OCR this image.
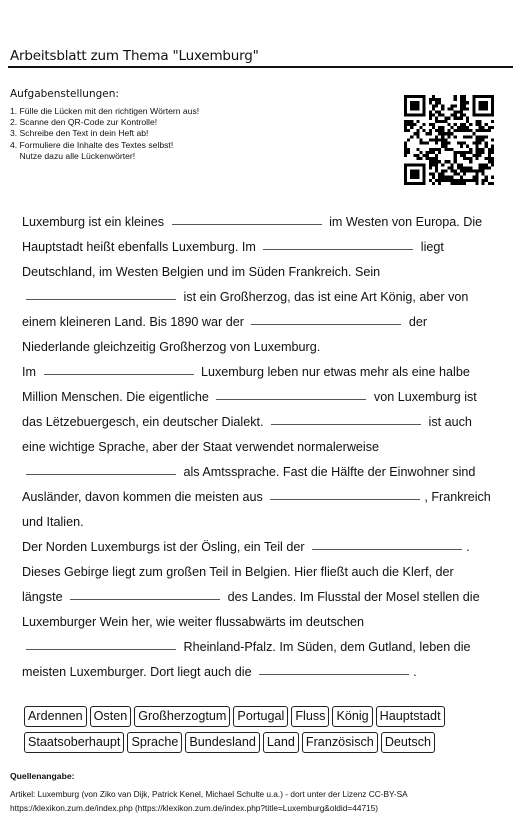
Arbeitsblatt zum Thema "Luxemburg"
Aufgabenstellungen:
1. Fülle die Lücken mit den richtigen Wörtern aus!
2. Scanne den QR-Code zur Kontrolle!
3. Schreibe den Text in dein Heft ab!
4. Formuliere die Inhalte des Textes selbst!
Nutze dazu alle Lückenwörter!
Luxemburg ist ein kleines	im Westen von Europa. Die
Hauptstadt heißt ebenfalls Luxemburg. Im	liegt
Deutschland, im Westen Belgien und im Süden Frankreich. Sein
ist ein Großherzog, das ist eine Art König, aber von
einem kleineren Land. Bis 1890 war der	der
Niederlande gleichzeitig Großherzog von Luxemburg.
Im	Luxemburg leben nur etwas mehr als eine halbe
Million Menschen. Die eigentliche	von Luxemburg ist
das Lëtzebuergesch, ein deutscher Dialekt.	ist auch
eine wichtige Sprache, aber der Staat verwendet normalerweise
als Amtssprache. Fast die Hälfte der Einwohner sind
Ausländer, davon kommen die meisten aus	, Frankreich
und Italien.
Der Norden Luxemburgs ist der Ösling, ein Teil der	.
Dieses Gebirge liegt zum großen Teil in Belgien. Hier fließt auch die Klerf, der
längste	des Landes. Im Flusstal der Mosel stellen die
Luxemburger Wein her, wie weiter flussabwärts im deutschen
Rheinland-Pfalz. Im Süden, dem Gutland, leben die
meisten Luxemburger. Dort liegt auch die	.
Ardennen Osten Großherzogtum Portugal Fluss König Hauptstadt
Staatsoberhaupt Sprache Bundesland Land Französisch Deutsch
Quellenangabe:
Artikel: Luxemburg (von Ziko van Dijk, Patrick Kenel, Michael Schulte u.a.) - dort unter der Lizenz CC-BY-SA
https://klexikon.zum.de/index.php (https://klexikon.zum.de/index.php?title=Luxemburg&oldid=44715)
